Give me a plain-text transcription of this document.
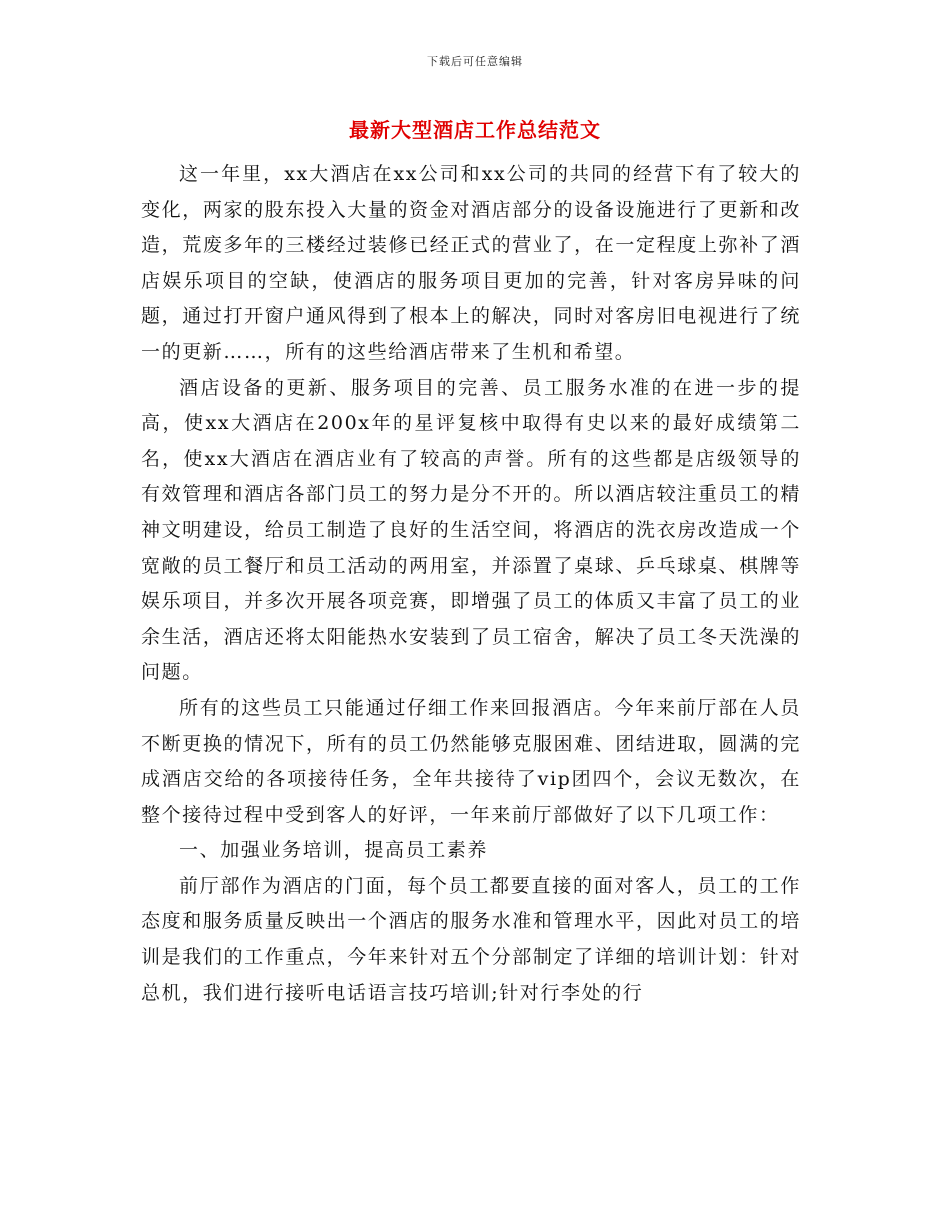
下载后可任意编辑
最新大型酒店工作总结范文

这一年里，xx大酒店在xx公司和xx公司的共同的经营下有了较大的变化，两家的股东投入大量的资金对酒店部分的设备设施进行了更新和改造，荒废多年的三楼经过装修已经正式的营业了，在一定程度上弥补了酒店娱乐项目的空缺，使酒店的服务项目更加的完善，针对客房异味的问题，通过打开窗户通风得到了根本上的解决，同时对客房旧电视进行了统一的更新……，所有的这些给酒店带来了生机和希望。

酒店设备的更新、服务项目的完善、员工服务水准的在进一步的提高，使xx大酒店在200x年的星评复核中取得有史以来的最好成绩第二名，使xx大酒店在酒店业有了较高的声誉。所有的这些都是店级领导的有效管理和酒店各部门员工的努力是分不开的。所以酒店较注重员工的精神文明建设，给员工制造了良好的生活空间，将酒店的洗衣房改造成一个宽敞的员工餐厅和员工活动的两用室，并添置了桌球、乒乓球桌、棋牌等娱乐项目，并多次开展各项竞赛，即增强了员工的体质又丰富了员工的业余生活，酒店还将太阳能热水安装到了员工宿舍，解决了员工冬天洗澡的问题。

所有的这些员工只能通过仔细工作来回报酒店。今年来前厅部在人员不断更换的情况下，所有的员工仍然能够克服困难、团结进取，圆满的完成酒店交给的各项接待任务，全年共接待了vip团四个，会议无数次，在整个接待过程中受到客人的好评，一年来前厅部做好了以下几项工作：

一、加强业务培训，提高员工素养

前厅部作为酒店的门面，每个员工都要直接的面对客人，员工的工作态度和服务质量反映出一个酒店的服务水准和管理水平，因此对员工的培训是我们的工作重点，今年来针对五个分部制定了详细的培训计划：针对总机，我们进行接听电话语言技巧培训;针对行李处的行
